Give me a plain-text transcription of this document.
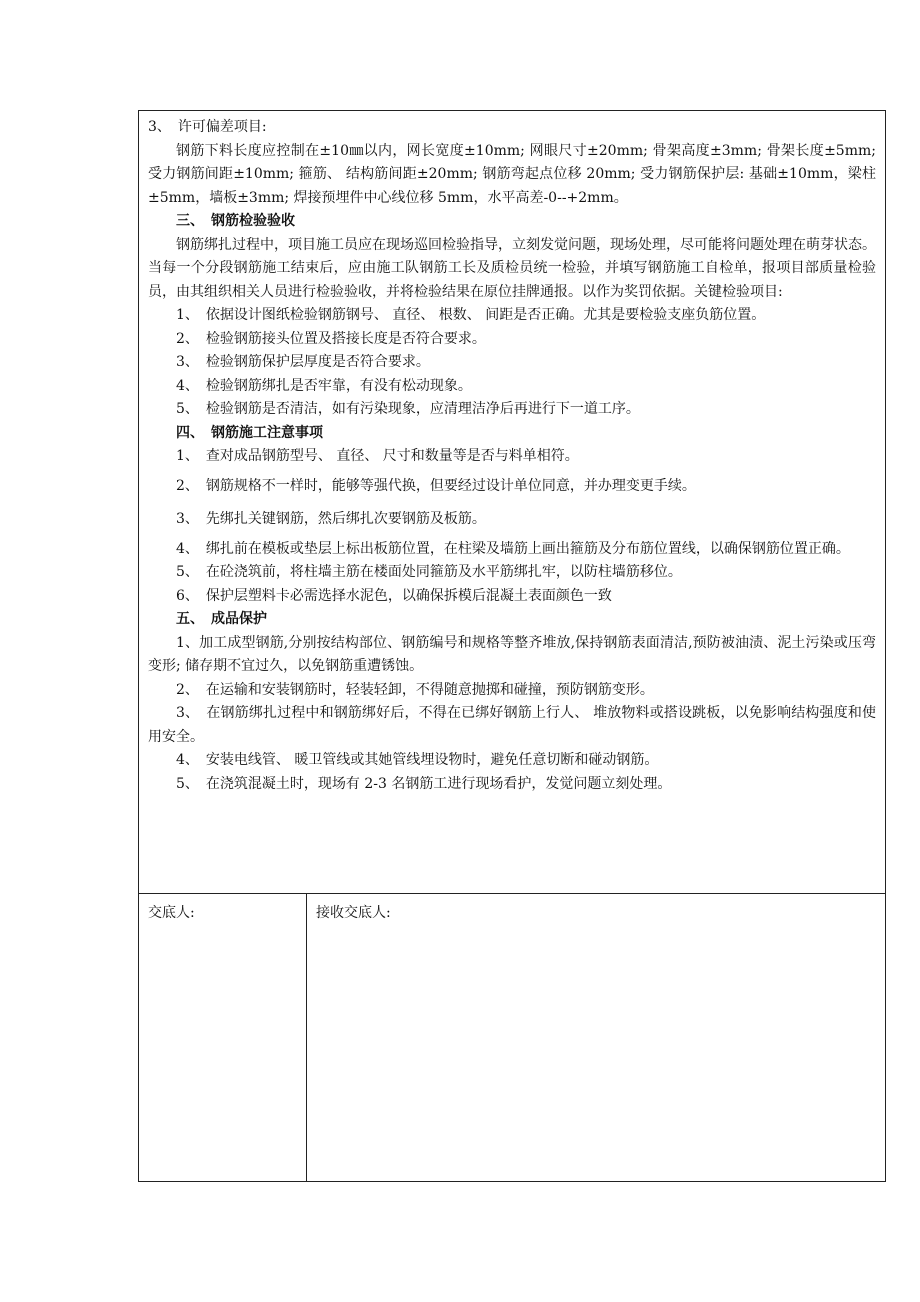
3、　许可偏差项目:

钢筋下料长度应控制在±10㎜以内，网长宽度±10mm; 网眼尺寸±20mm; 骨架高度±3mm; 骨架长度±5mm; 受力钢筋间距±10mm; 箍筋、 结构筋间距±20mm; 钢筋弯起点位移 20mm; 受力钢筋保护层: 基础±10mm，梁柱±5mm，墙板±3mm; 焊接预埋件中心线位移 5mm，水平高差-0--+2mm。

三、　钢筋检验验收

钢筋绑扎过程中，项目施工员应在现场巡回检验指导，立刻发觉问题，现场处理，尽可能将问题处理在萌芽状态。当每一个分段钢筋施工结束后，应由施工队钢筋工长及质检员统一检验，并填写钢筋施工自检单，报项目部质量检验员，由其组织相关人员进行检验验收，并将检验结果在原位挂牌通报。以作为奖罚依据。关键检验项目:

1、　依据设计图纸检验钢筋钢号、 直径、 根数、 间距是否正确。尤其是要检验支座负筋位置。

2、　检验钢筋接头位置及搭接长度是否符合要求。

3、　检验钢筋保护层厚度是否符合要求。

4、　检验钢筋绑扎是否牢靠，有没有松动现象。

5、　检验钢筋是否清洁，如有污染现象，应清理洁净后再进行下一道工序。

四、　钢筋施工注意事项

1、　查对成品钢筋型号、 直径、 尺寸和数量等是否与料单相符。

2、　钢筋规格不一样时，能够等强代换，但要经过设计单位同意，并办理变更手续。

3、　先绑扎关键钢筋，然后绑扎次要钢筋及板筋。

4、　绑扎前在模板或垫层上标出板筋位置，在柱梁及墙筋上画出箍筋及分布筋位置线，以确保钢筋位置正确。

5、　在砼浇筑前，将柱墙主筋在楼面处同箍筋及水平筋绑扎牢，以防柱墙筋移位。

6、　保护层塑料卡必需选择水泥色，以确保拆模后混凝土表面颜色一致

五、　成品保护

1、加工成型钢筋,分别按结构部位、钢筋编号和规格等整齐堆放,保持钢筋表面清洁,预防被油渍、泥土污染或压弯变形; 储存期不宜过久，以免钢筋重遭锈蚀。

2、　在运输和安装钢筋时，轻装轻卸，不得随意抛掷和碰撞，预防钢筋变形。

3、　在钢筋绑扎过程中和钢筋绑好后，不得在已绑好钢筋上行人、 堆放物料或搭设跳板，以免影响结构强度和使用安全。

4、　安装电线管、 暖卫管线或其她管线埋设物时，避免任意切断和碰动钢筋。

5、　在浇筑混凝土时，现场有 2-3 名钢筋工进行现场看护，发觉问题立刻处理。

交底人:	接收交底人:
